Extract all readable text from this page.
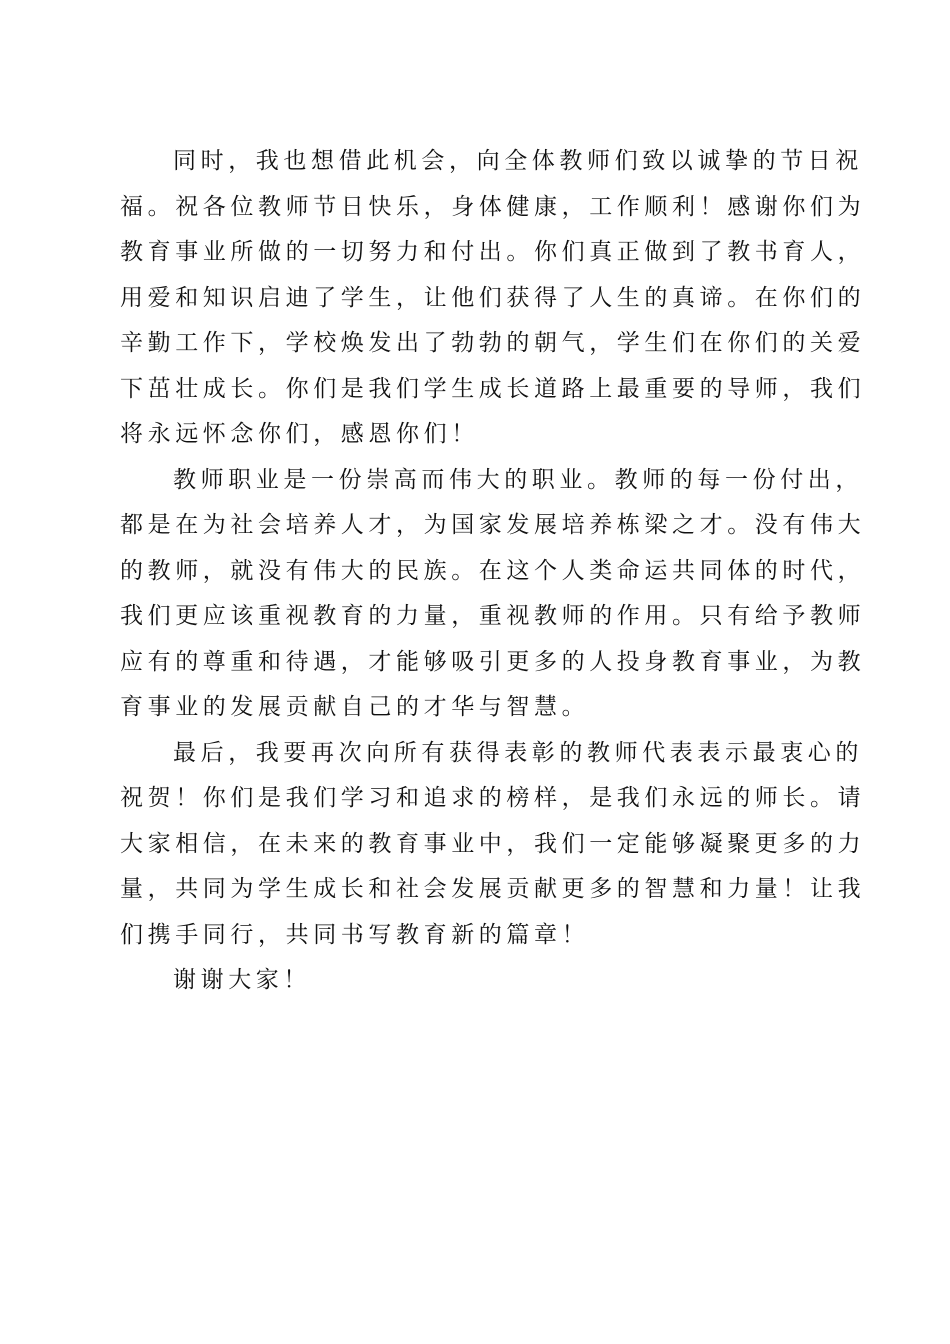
同时，我也想借此机会，向全体教师们致以诚挚的节日祝
福。祝各位教师节日快乐，身体健康，工作顺利！感谢你们为
教育事业所做的一切努力和付出。你们真正做到了教书育人，
用爱和知识启迪了学生，让他们获得了人生的真谛。在你们的
辛勤工作下，学校焕发出了勃勃的朝气，学生们在你们的关爱
下茁壮成长。你们是我们学生成长道路上最重要的导师，我们
将永远怀念你们，感恩你们！
教师职业是一份崇高而伟大的职业。教师的每一份付出，
都是在为社会培养人才，为国家发展培养栋梁之才。没有伟大
的教师，就没有伟大的民族。在这个人类命运共同体的时代，
我们更应该重视教育的力量，重视教师的作用。只有给予教师
应有的尊重和待遇，才能够吸引更多的人投身教育事业，为教
育事业的发展贡献自己的才华与智慧。
最后，我要再次向所有获得表彰的教师代表表示最衷心的
祝贺！你们是我们学习和追求的榜样，是我们永远的师长。请
大家相信，在未来的教育事业中，我们一定能够凝聚更多的力
量，共同为学生成长和社会发展贡献更多的智慧和力量！让我
们携手同行，共同书写教育新的篇章！
谢谢大家！
